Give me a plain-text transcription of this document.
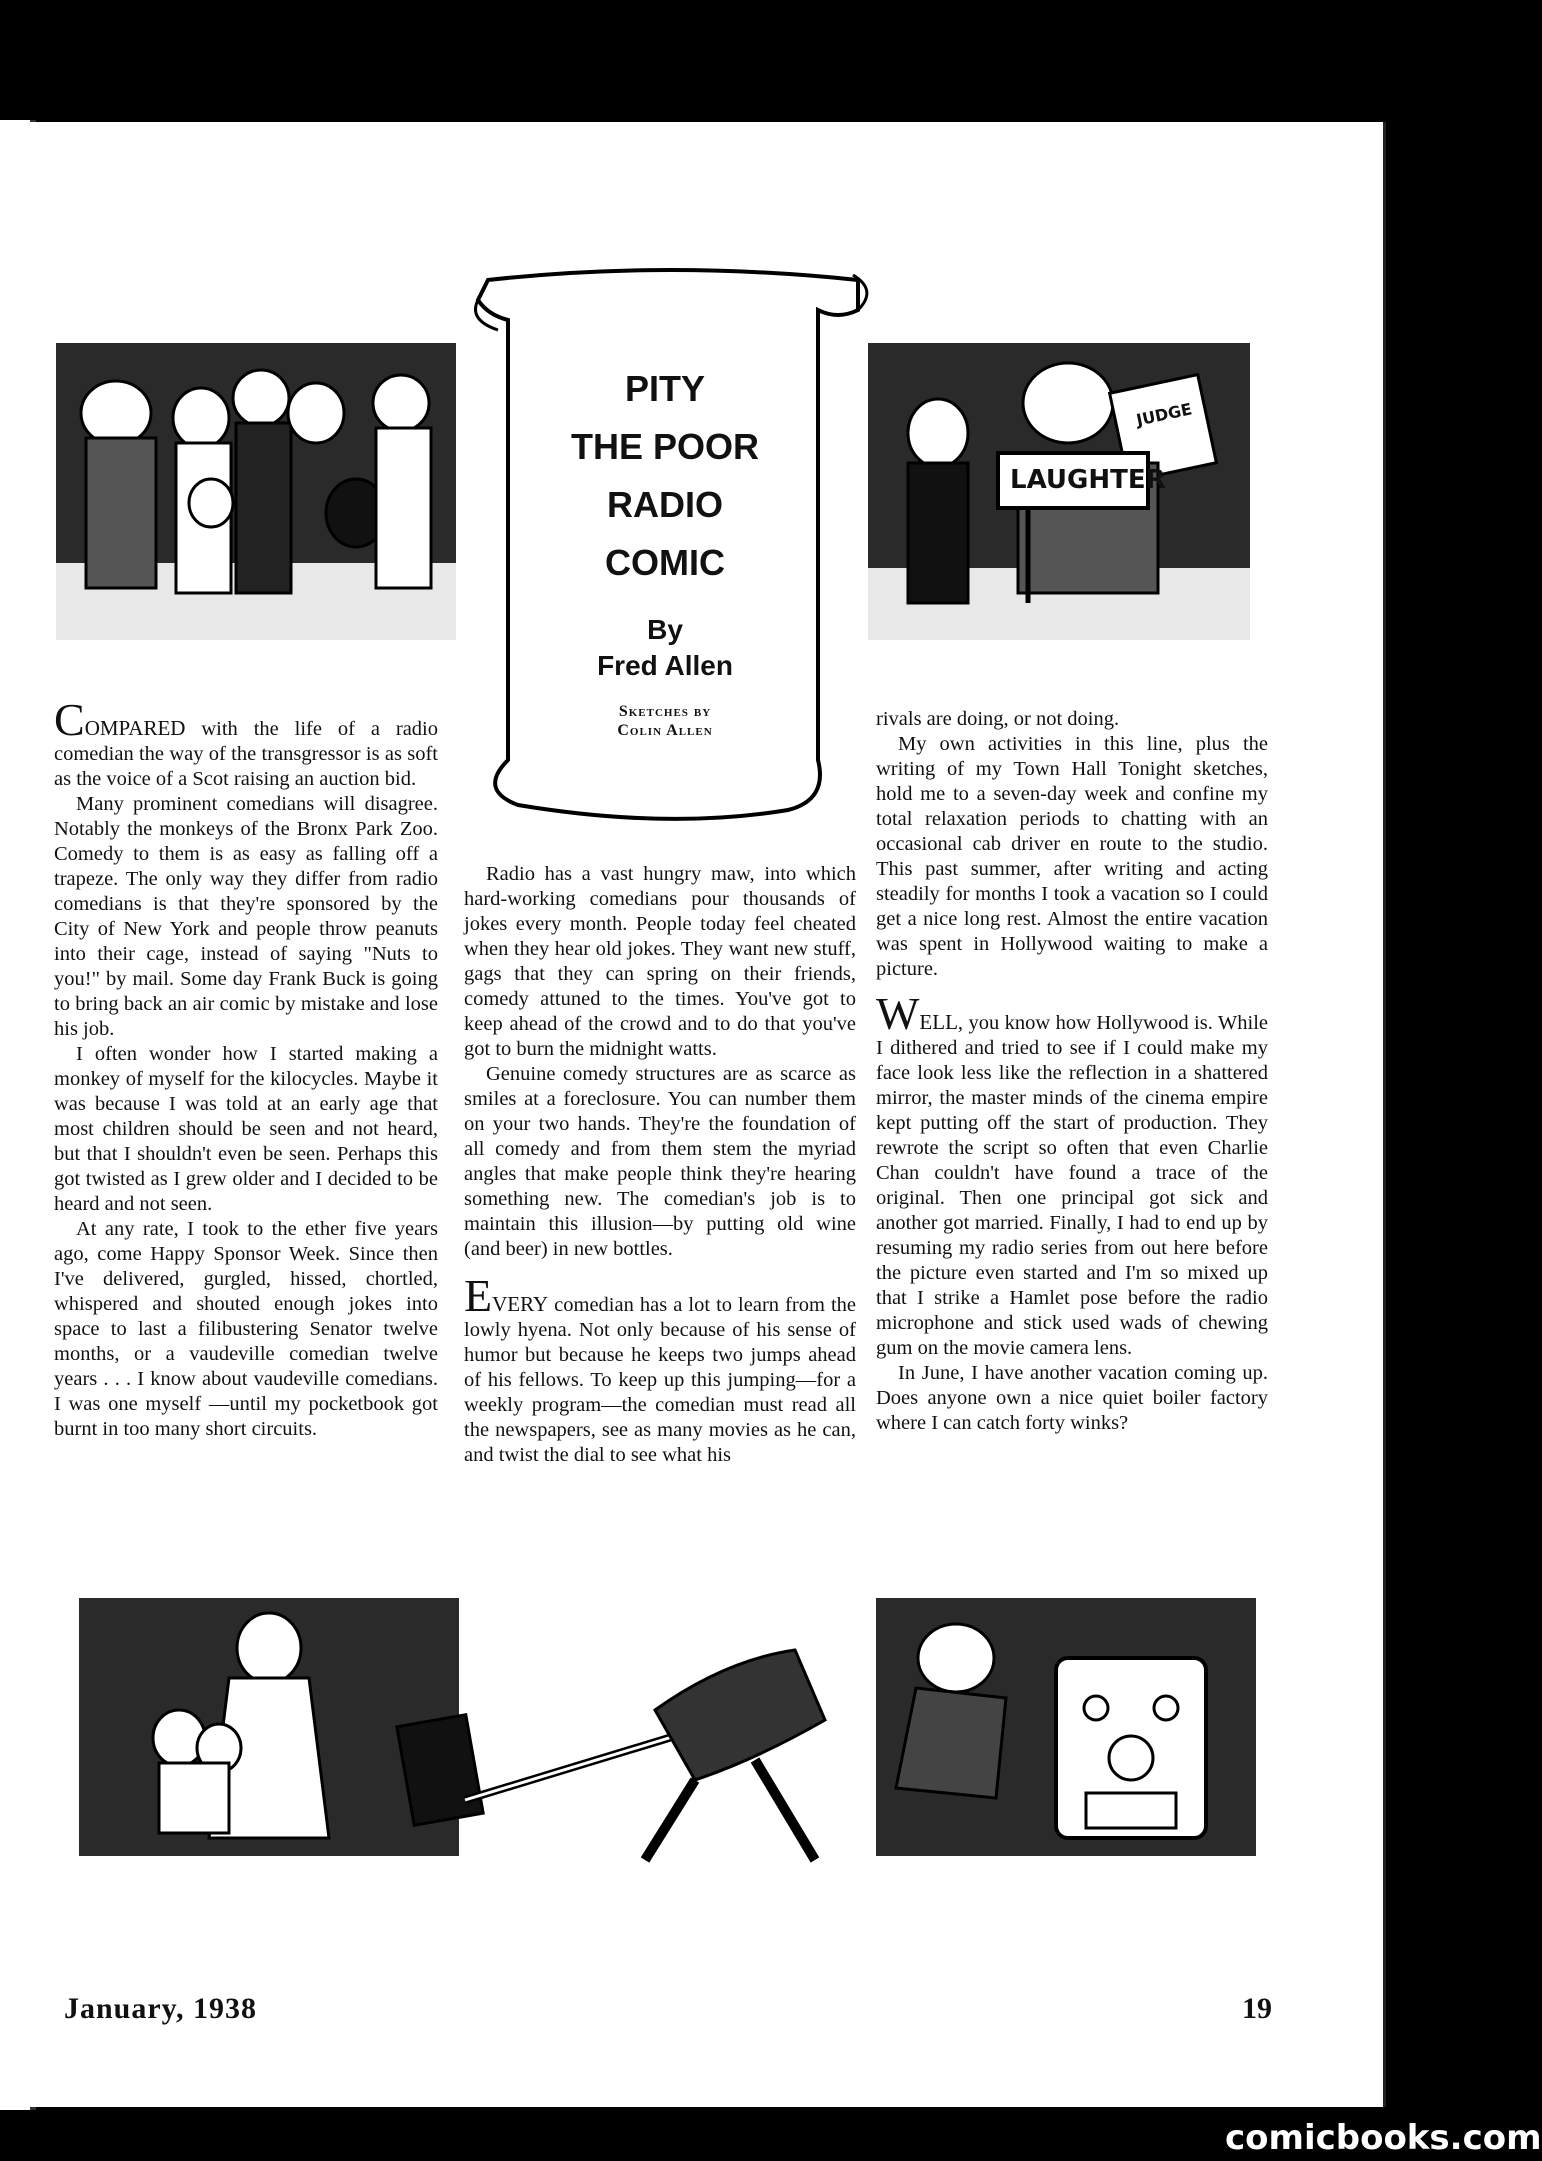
PITY
THE POOR
RADIO
COMIC
By
Fred Allen
Sketches by
Colin Allen
LAUGHTER
JUDGE

COMPARED with the life of a radio comedian the way of the transgressor is as soft as the voice of a Scot raising an auction bid.

Many prominent comedians will disagree. Notably the monkeys of the Bronx Park Zoo. Comedy to them is as easy as falling off a trapeze. The only way they differ from radio comedians is that they're sponsored by the City of New York and people throw peanuts into their cage, instead of saying "Nuts to you!" by mail. Some day Frank Buck is going to bring back an air comic by mistake and lose his job.

I often wonder how I started making a monkey of myself for the kilocycles. Maybe it was because I was told at an early age that most children should be seen and not heard, but that I shouldn't even be seen. Perhaps this got twisted as I grew older and I decided to be heard and not seen.

At any rate, I took to the ether five years ago, come Happy Sponsor Week. Since then I've delivered, gurgled, hissed, chortled, whispered and shouted enough jokes into space to last a filibustering Senator twelve months, or a vaudeville comedian twelve years . . . I know about vaudeville comedians. I was one myself —until my pocketbook got burnt in too many short circuits.

Radio has a vast hungry maw, into which hard-working comedians pour thousands of jokes every month. People today feel cheated when they hear old jokes. They want new stuff, gags that they can spring on their friends, comedy attuned to the times. You've got to keep ahead of the crowd and to do that you've got to burn the midnight watts.

Genuine comedy structures are as scarce as smiles at a foreclosure. You can number them on your two hands. They're the foundation of all comedy and from them stem the myriad angles that make people think they're hearing something new. The comedian's job is to maintain this illusion—by putting old wine (and beer) in new bottles.

EVERY comedian has a lot to learn from the lowly hyena. Not only because of his sense of humor but because he keeps two jumps ahead of his fellows. To keep up this jumping—for a weekly program—the comedian must read all the newspapers, see as many movies as he can, and twist the dial to see what his

rivals are doing, or not doing.

My own activities in this line, plus the writing of my Town Hall Tonight sketches, hold me to a seven-day week and confine my total relaxation periods to chatting with an occasional cab driver en route to the studio. This past summer, after writing and acting steadily for months I took a vacation so I could get a nice long rest. Almost the entire vacation was spent in Hollywood waiting to make a picture.

WELL, you know how Hollywood is. While I dithered and tried to see if I could make my face look less like the reflection in a shattered mirror, the master minds of the cinema empire kept putting off the start of production. They rewrote the script so often that even Charlie Chan couldn't have found a trace of the original. Then one principal got sick and another got married. Finally, I had to end up by resuming my radio series from out here before the picture even started and I'm so mixed up that I strike a Hamlet pose before the radio microphone and stick used wads of chewing gum on the movie camera lens.

In June, I have another vacation coming up. Does anyone own a nice quiet boiler factory where I can catch forty winks?

January, 1938	19
comicbooks.com
